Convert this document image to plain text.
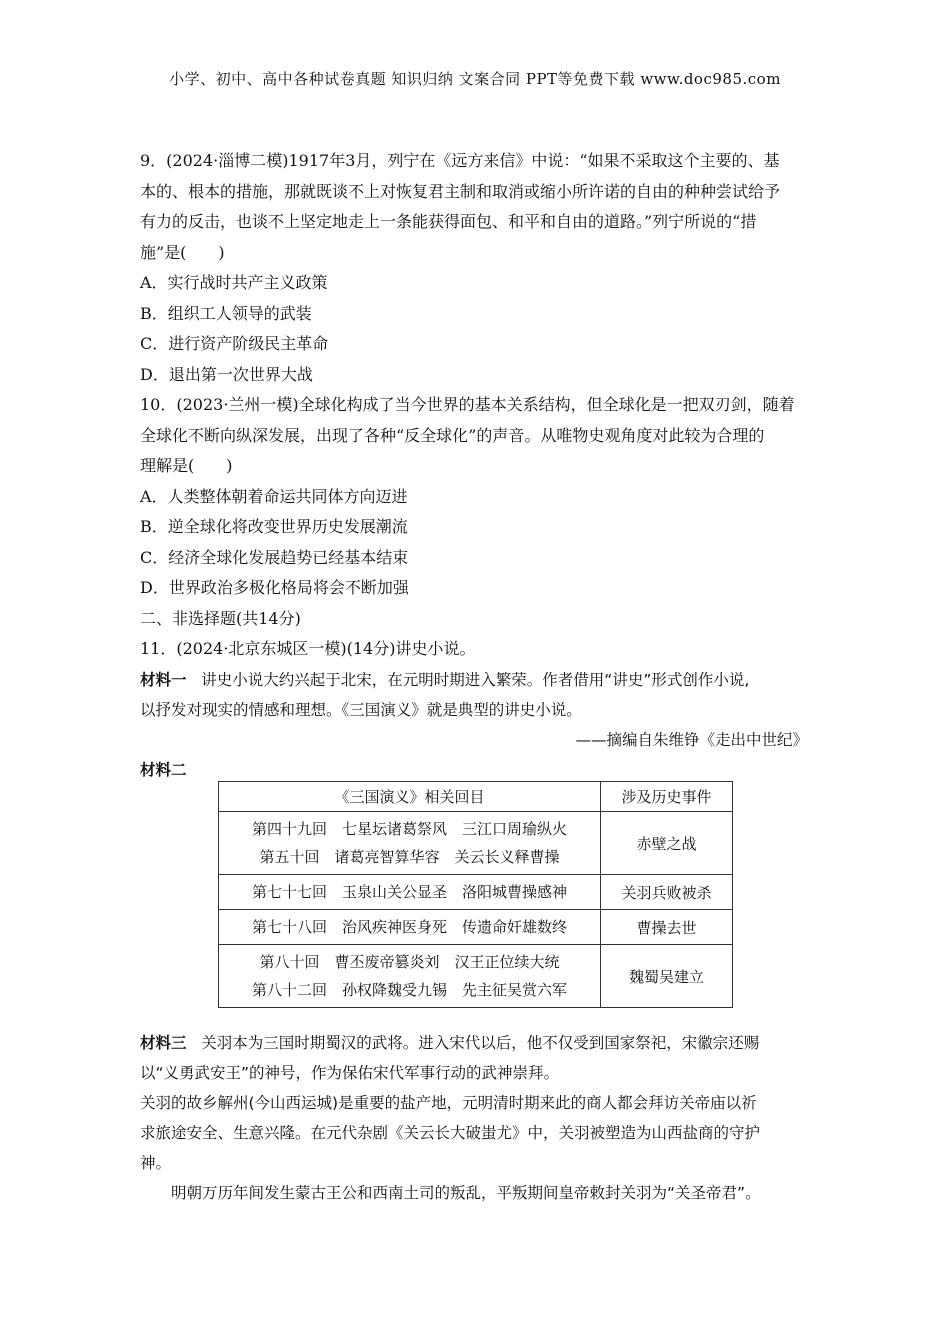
小学、初中、高中各种试卷真题 知识归纳 文案合同 PPT等免费下载 www.doc985.com

9．(2024·淄博二模)1917年3月，列宁在《远方来信》中说：“如果不采取这个主要的、基

本的、根本的措施，那就既谈不上对恢复君主制和取消或缩小所许诺的自由的种种尝试给予

有力的反击，也谈不上坚定地走上一条能获得面包、和平和自由的道路。”列宁所说的“措

施”是(　　)

A．实行战时共产主义政策

B．组织工人领导的武装

C．进行资产阶级民主革命

D．退出第一次世界大战

10．(2023·兰州一模)全球化构成了当今世界的基本关系结构，但全球化是一把双刃剑，随着

全球化不断向纵深发展，出现了各种“反全球化”的声音。从唯物史观角度对此较为合理的

理解是(　　)

A．人类整体朝着命运共同体方向迈进

B．逆全球化将改变世界历史发展潮流

C．经济全球化发展趋势已经基本结束

D．世界政治多极化格局将会不断加强

二、非选择题(共14分)

11．(2024·北京东城区一模)(14分)讲史小说。

材料一 讲史小说大约兴起于北宋，在元明时期进入繁荣。作者借用“讲史”形式创作小说,

以抒发对现实的情感和理想。《三国演义》就是典型的讲史小说。

——摘编自朱维铮《走出中世纪》

材料二

《三国演义》相关回目	涉及历史事件

第四十九回　七星坛诸葛祭风　三江口周瑜纵火
第五十回　诸葛亮智算华容　关云长义释曹操	赤壁之战

第七十七回　玉泉山关公显圣　洛阳城曹操感神	关羽兵败被杀

第七十八回　治风疾神医身死　传遗命奸雄数终	曹操去世

第八十回　曹丕废帝篡炎刘　汉王正位续大统
第八十二回　孙权降魏受九锡　先主征吴赏六军	魏蜀吴建立

材料三 关羽本为三国时期蜀汉的武将。进入宋代以后，他不仅受到国家祭祀，宋徽宗还赐

以“义勇武安王”的神号，作为保佑宋代军事行动的武神崇拜。

关羽的故乡解州(今山西运城)是重要的盐产地，元明清时期来此的商人都会拜访关帝庙以祈

求旅途安全、生意兴隆。在元代杂剧《关云长大破蚩尤》中，关羽被塑造为山西盐商的守护

神。

明朝万历年间发生蒙古王公和西南土司的叛乱，平叛期间皇帝敕封关羽为“关圣帝君”。
